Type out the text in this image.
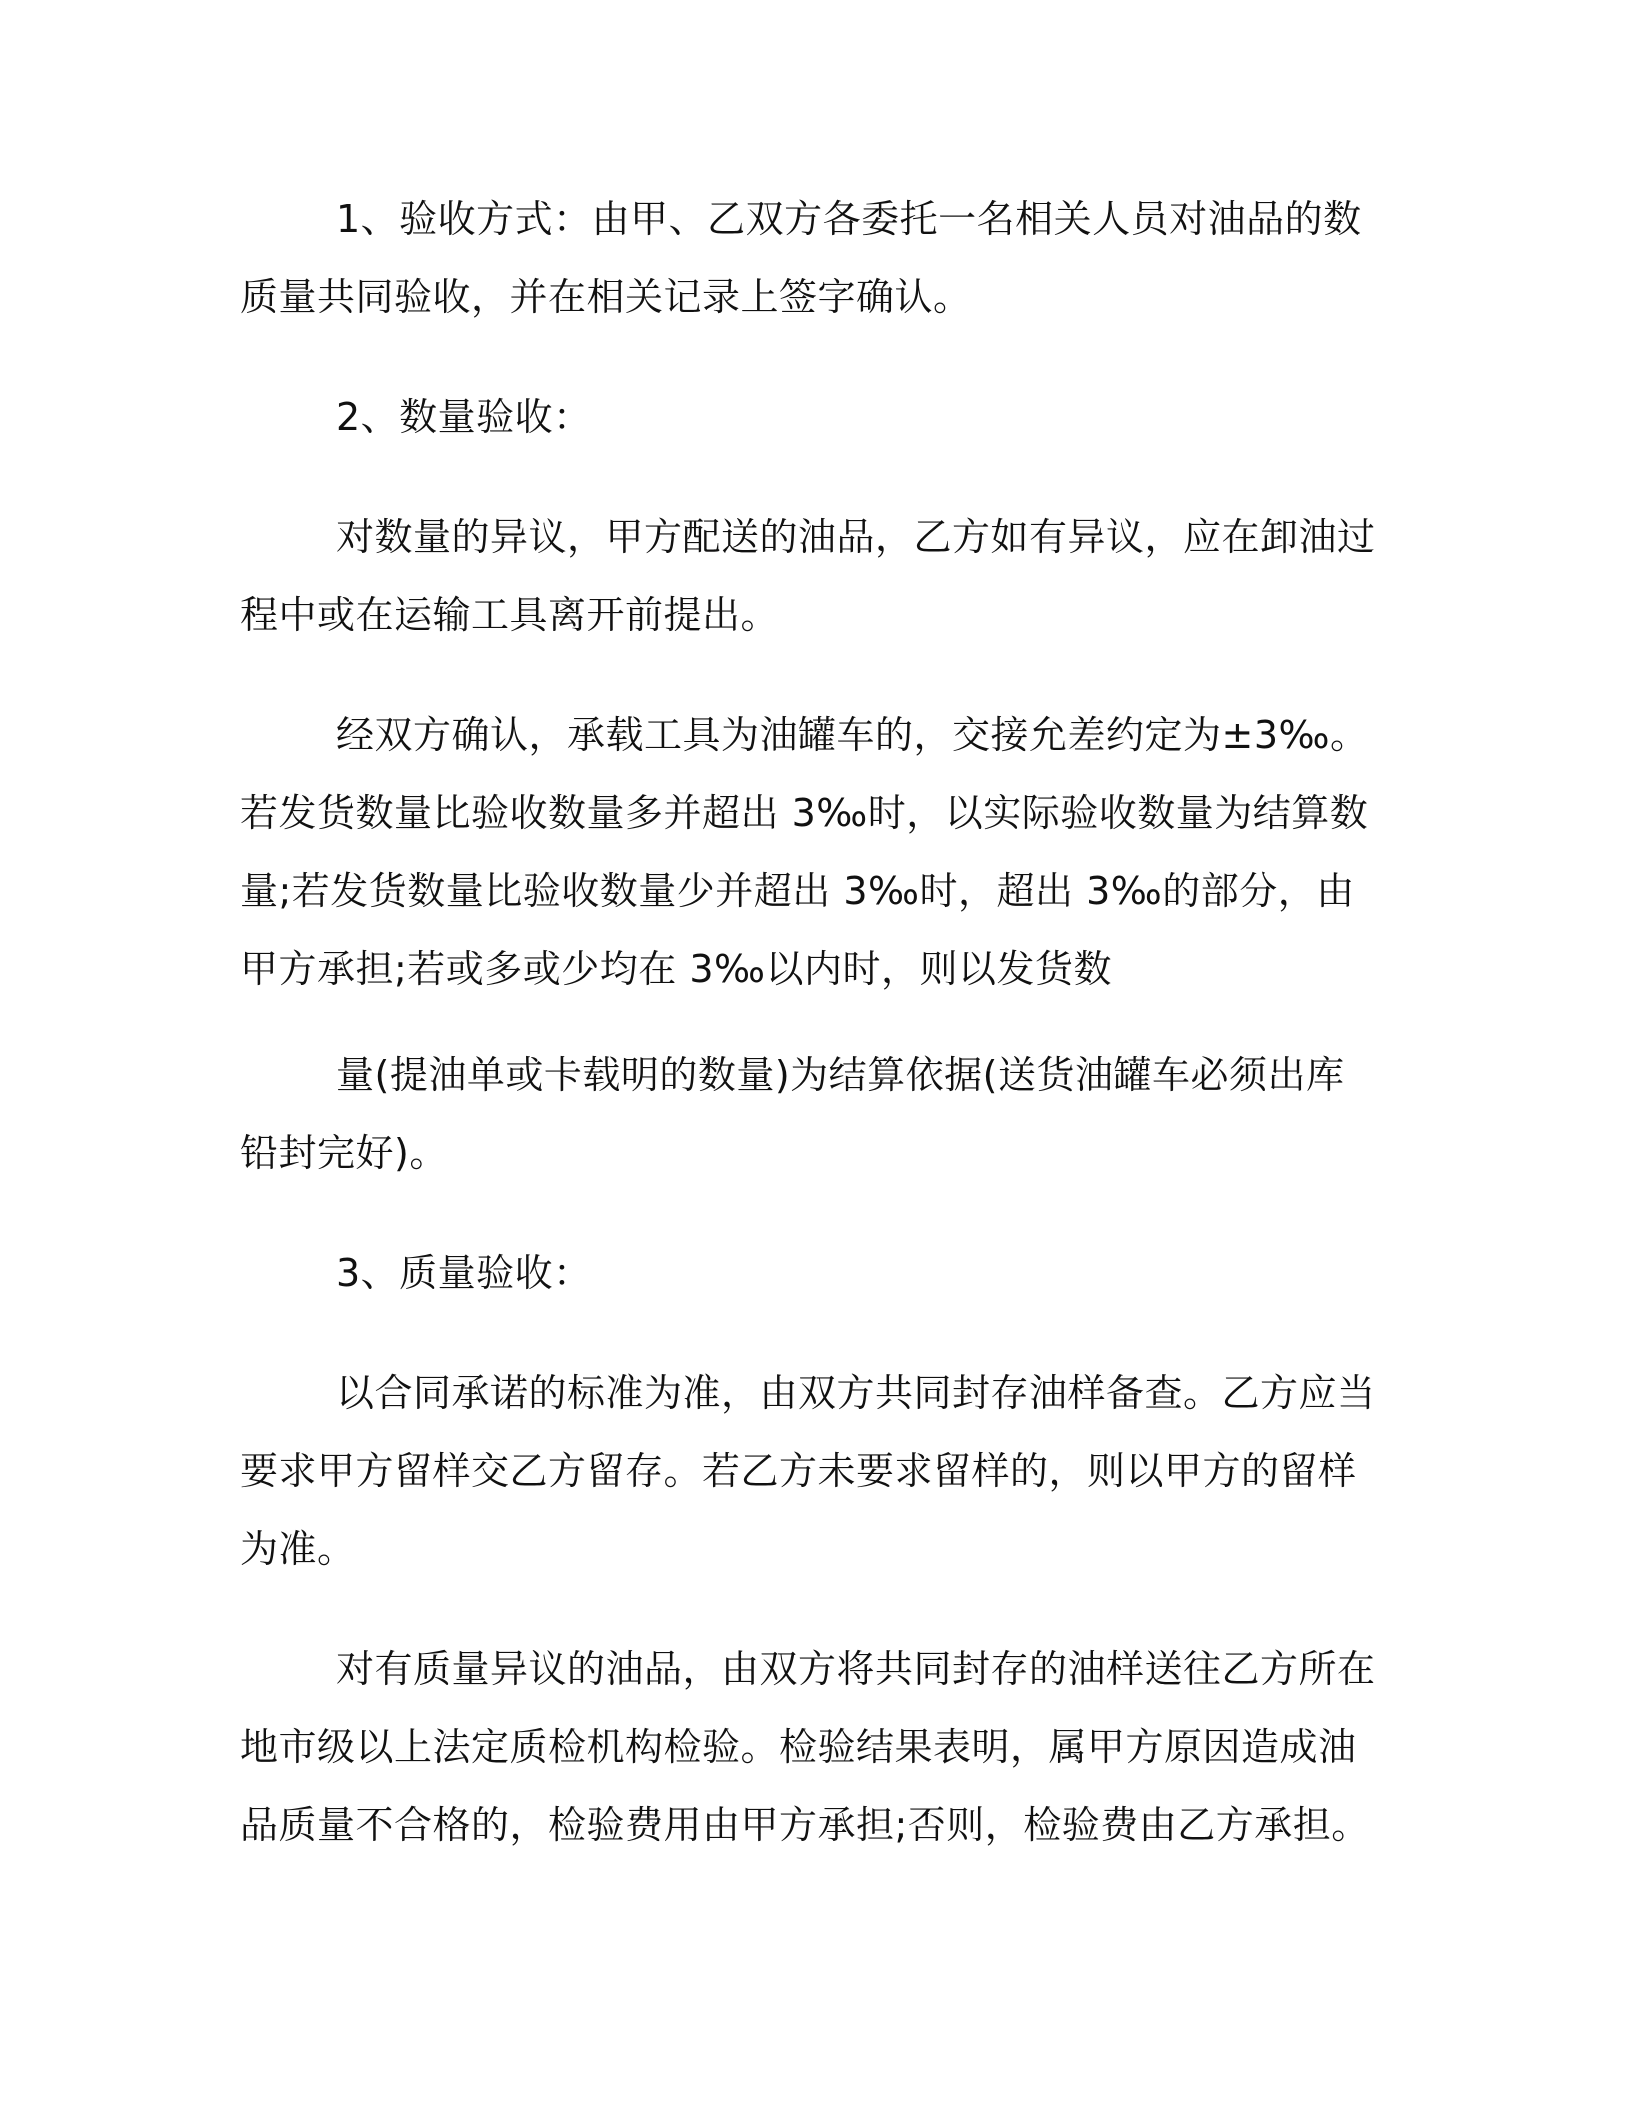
1、验收方式：由甲、乙双方各委托一名相关人员对油品的数质量共同验收，并在相关记录上签字确认。

2、数量验收：

对数量的异议，甲方配送的油品，乙方如有异议，应在卸油过程中或在运输工具离开前提出。

经双方确认，承载工具为油罐车的，交接允差约定为±3‰。若发货数量比验收数量多并超出 3‰时，以实际验收数量为结算数量;若发货数量比验收数量少并超出 3‰时，超出 3‰的部分，由甲方承担;若或多或少均在 3‰以内时，则以发货数

量(提油单或卡载明的数量)为结算依据(送货油罐车必须出库铅封完好)。

3、质量验收：

以合同承诺的标准为准，由双方共同封存油样备查。乙方应当要求甲方留样交乙方留存。若乙方未要求留样的，则以甲方的留样为准。

对有质量异议的油品，由双方将共同封存的油样送往乙方所在地市级以上法定质检机构检验。检验结果表明，属甲方原因造成油品质量不合格的，检验费用由甲方承担;否则，检验费由乙方承担。
